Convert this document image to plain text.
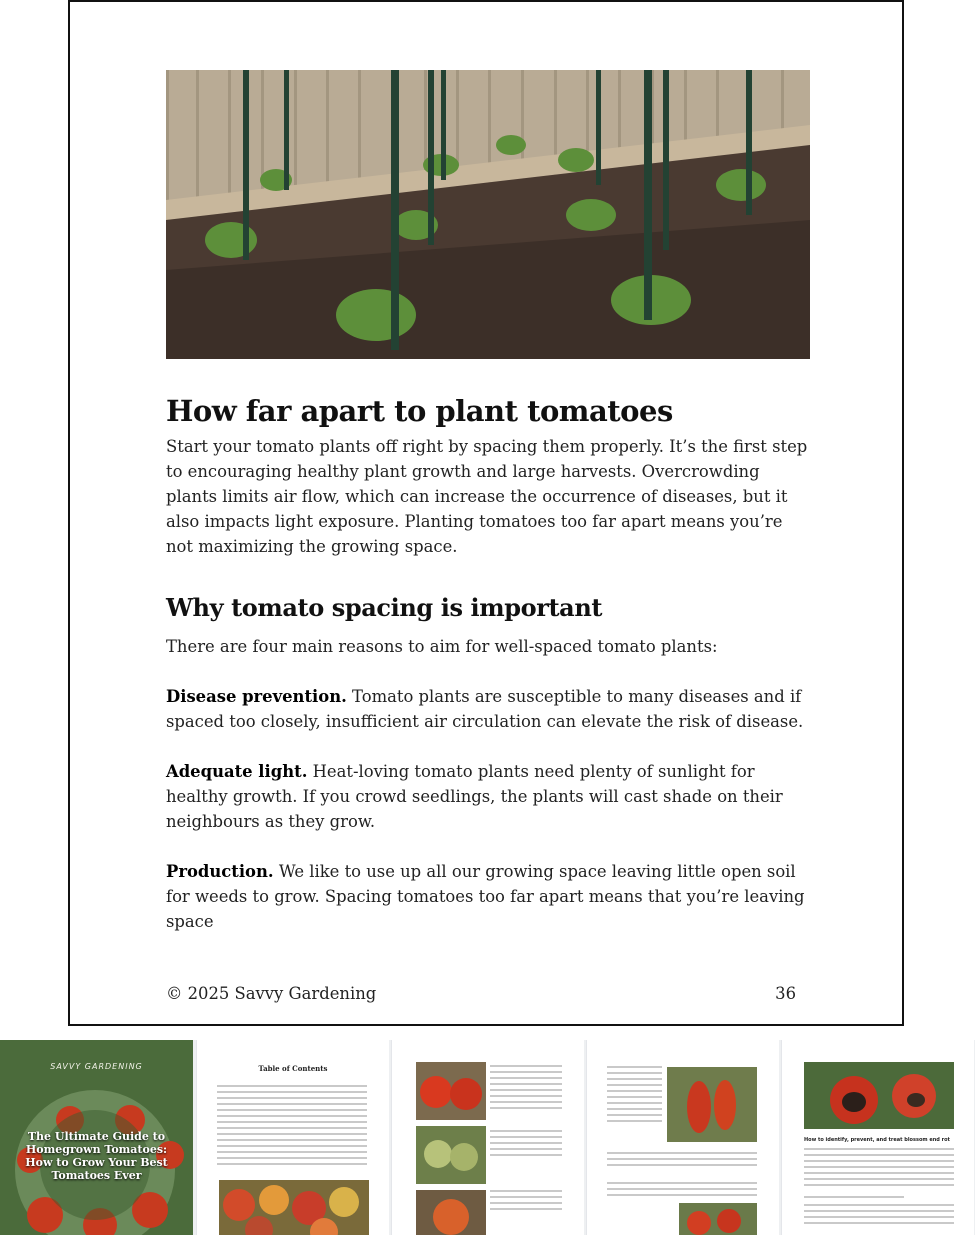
How far apart to plant tomatoes

Start your tomato plants off right by spacing them properly. It’s the first step to encouraging healthy plant growth and large harvests. Overcrowding plants limits air flow, which can increase the occurrence of diseases, but it also impacts light exposure. Planting tomatoes too far apart means you’re not maximizing the growing space.

Why tomato spacing is important

There are four main reasons to aim for well-spaced tomato plants:

Disease prevention. Tomato plants are susceptible to many diseases and if spaced too closely, insufficient air circulation can elevate the risk of disease.

Adequate light. Heat-loving tomato plants need plenty of sunlight for healthy growth. If you crowd seedlings, the plants will cast shade on their neighbours as they grow.

Production. We like to use up all our growing space leaving little open soil for weeds to grow. Spacing tomatoes too far apart means that you’re leaving space

© 2025 Savvy Gardening	36
SAVVY GARDENING
The Ultimate Guide to Homegrown Tomatoes: How to Grow Your Best Tomatoes Ever
Table of Contents
How to identify, prevent, and treat blossom end rot
